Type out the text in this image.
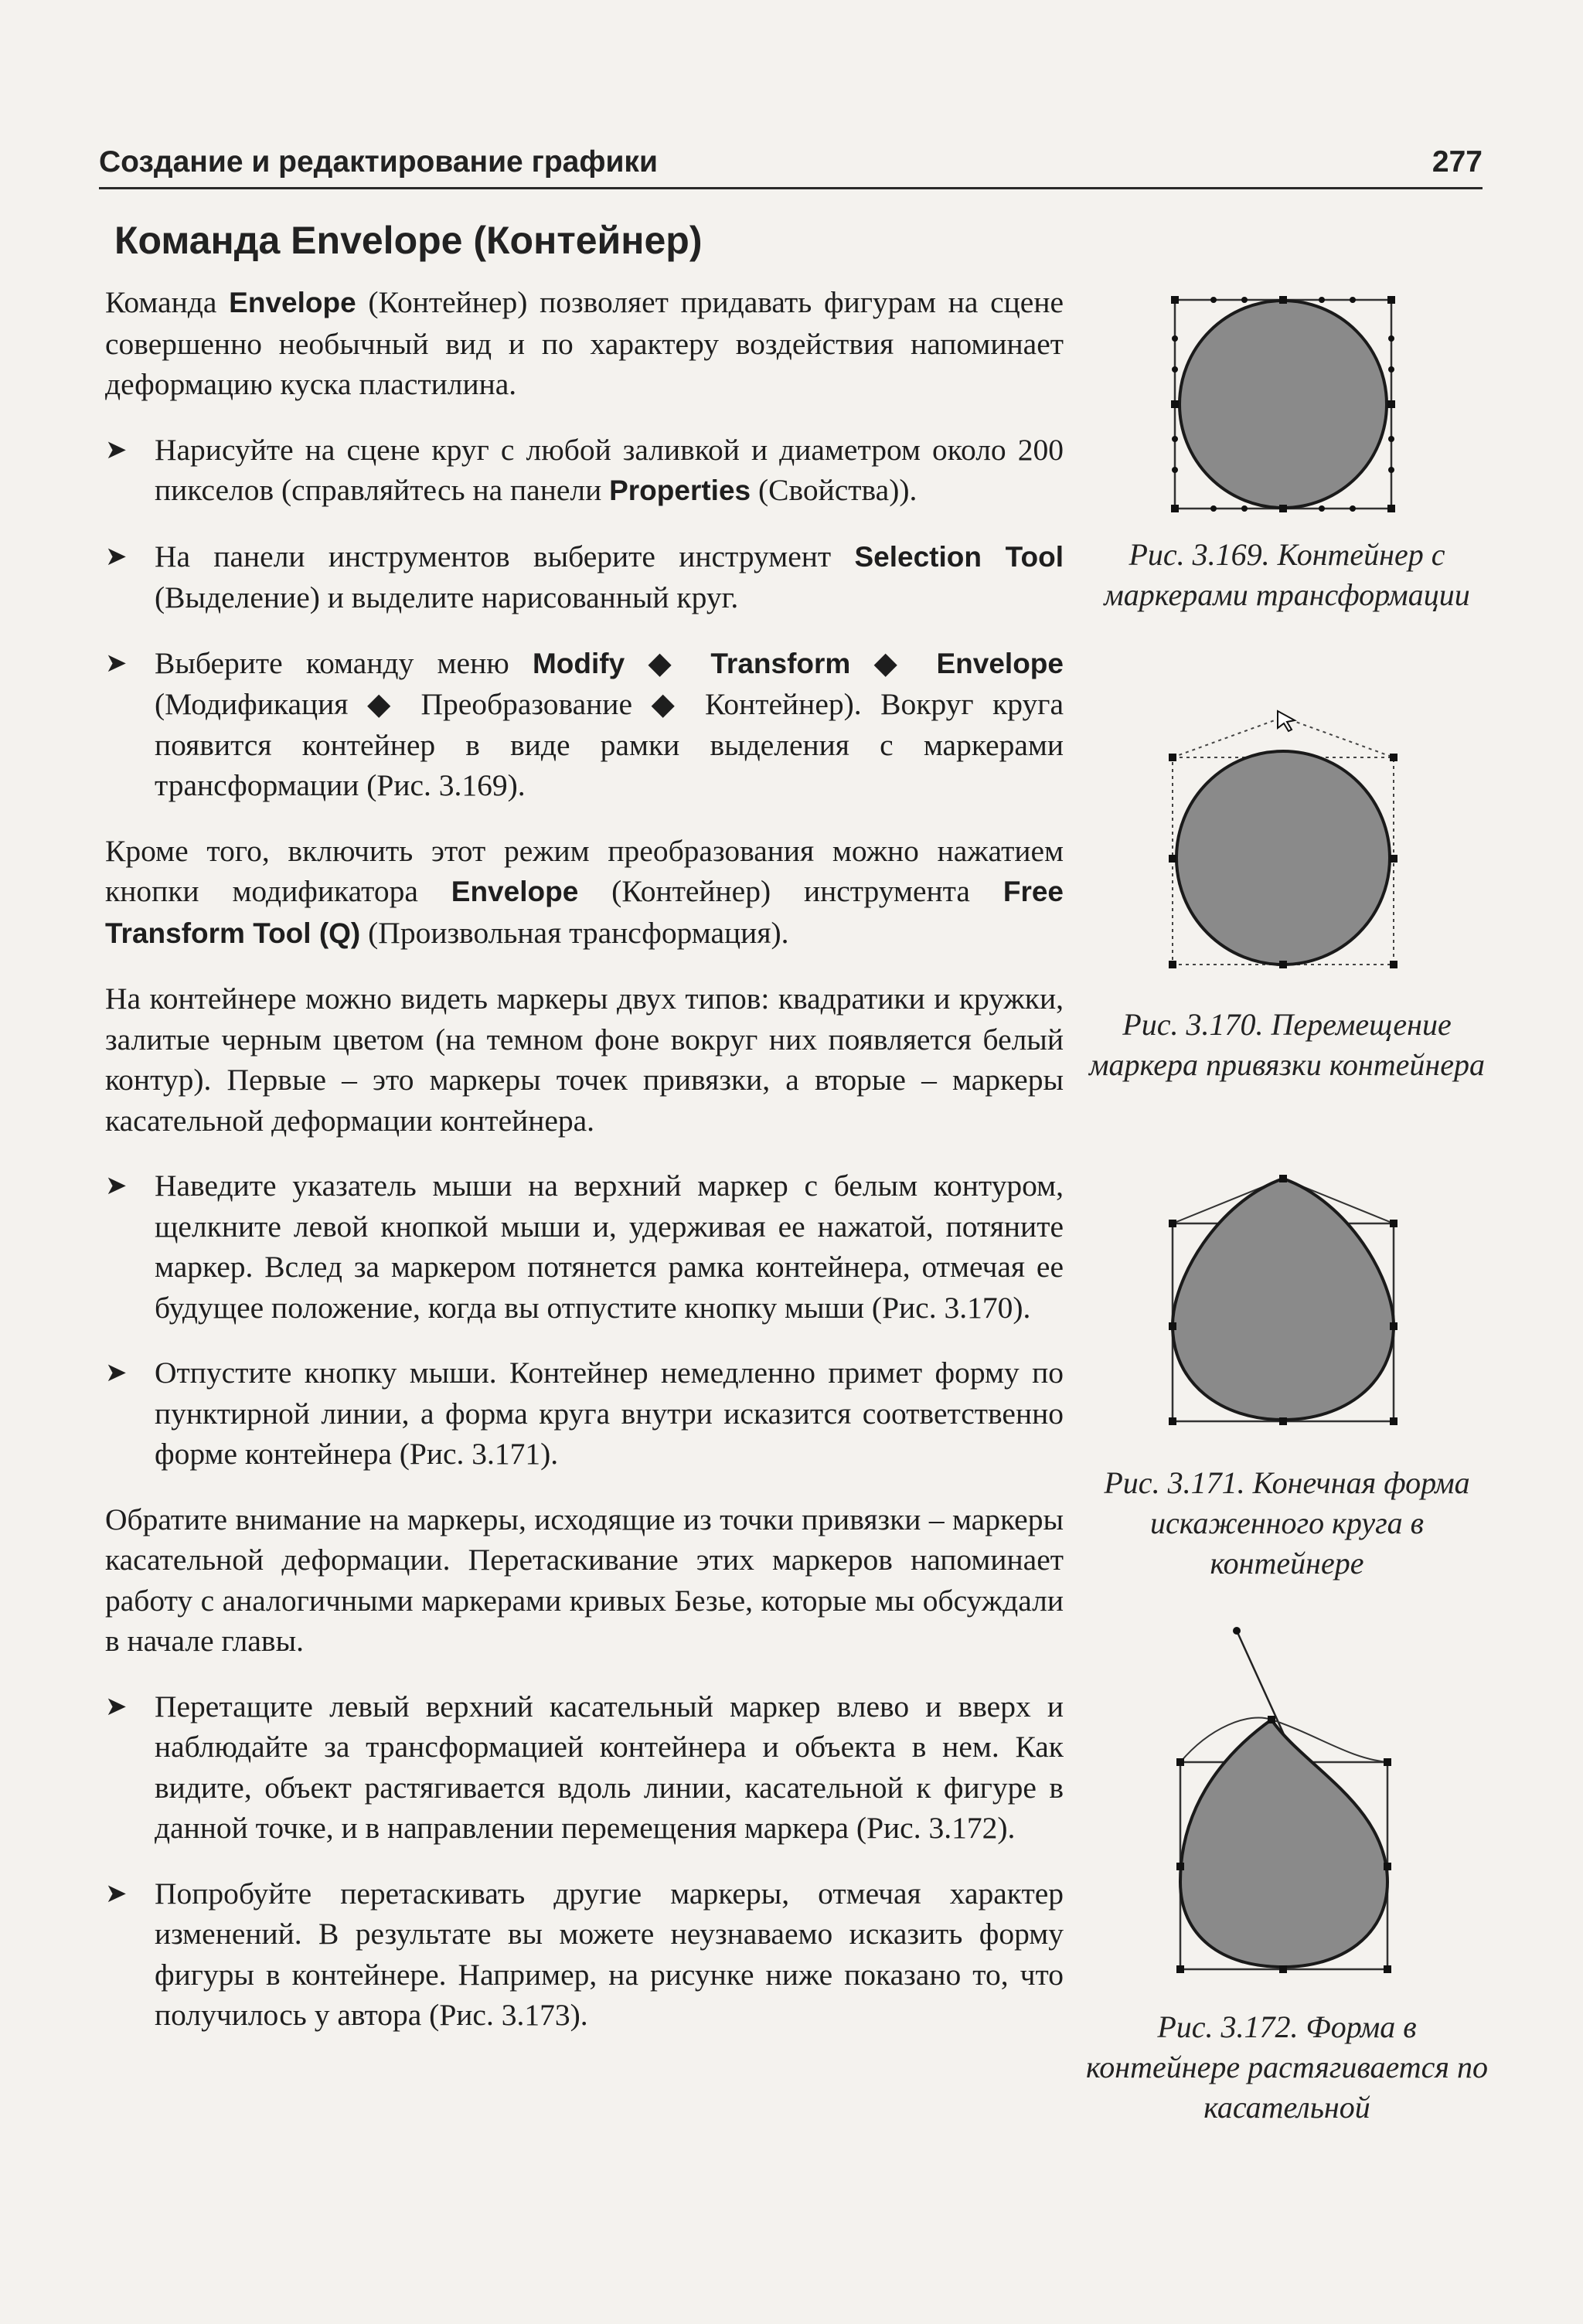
Создание и редактирование графики	277
Команда Envelope (Контейнер)

Команда Envelope (Контейнер) позволяет придавать фигурам на сцене совершенно необычный вид и по характеру воздействия напоминает деформацию куска пластилина.

➤ Нарисуйте на сцене круг с любой заливкой и диаметром около 200 пикселов (справляйтесь на панели Properties (Свойства)).

➤ На панели инструментов выберите инструмент Selection Tool (Выделение) и выделите нарисованный круг.

➤ Выберите команду меню Modify ◆ Transform ◆ Envelope (Модификация ◆ Преобразование ◆ Контейнер). Вокруг круга появится контейнер в виде рамки выделения с маркерами трансформации (Рис. 3.169).

Кроме того, включить этот режим преобразования можно нажатием кнопки модификатора Envelope (Контейнер) инструмента Free Transform Tool (Q) (Произвольная трансформация).

На контейнере можно видеть маркеры двух типов: квадратики и кружки, залитые черным цветом (на темном фоне вокруг них появляется белый контур). Первые – это маркеры точек привязки, а вторые – маркеры касательной деформации контейнера.

➤ Наведите указатель мыши на верхний маркер с белым контуром, щелкните левой кнопкой мыши и, удерживая ее нажатой, потяните маркер. Вслед за маркером потянется рамка контейнера, отмечая ее будущее положение, когда вы отпустите кнопку мыши (Рис. 3.170).

➤ Отпустите кнопку мыши. Контейнер немедленно примет форму по пунктирной линии, а форма круга внутри исказится соответственно форме контейнера (Рис. 3.171).

Обратите внимание на маркеры, исходящие из точки привязки – маркеры касательной деформации. Перетаскивание этих маркеров напоминает работу с аналогичными маркерами кривых Безье, которые мы обсуждали в начале главы.

➤ Перетащите левый верхний касательный маркер влево и вверх и наблюдайте за трансформацией контейнера и объекта в нем. Как видите, объект растягивается вдоль линии, касательной к фигуре в данной точке, и в направлении перемещения маркера (Рис. 3.172).

➤ Попробуйте перетаскивать другие маркеры, отмечая характер изменений. В результате вы можете неузнаваемо исказить форму фигуры в контейнере. Например, на рисунке ниже показано то, что получилось у автора (Рис. 3.173).

Рис. 3.169. Контейнер с маркерами трансформации
Рис. 3.170. Перемещение маркера привязки контейнера
Рис. 3.171. Конечная форма искаженного круга в контейнере
Рис. 3.172. Форма в контейнере растягивается по касательной
